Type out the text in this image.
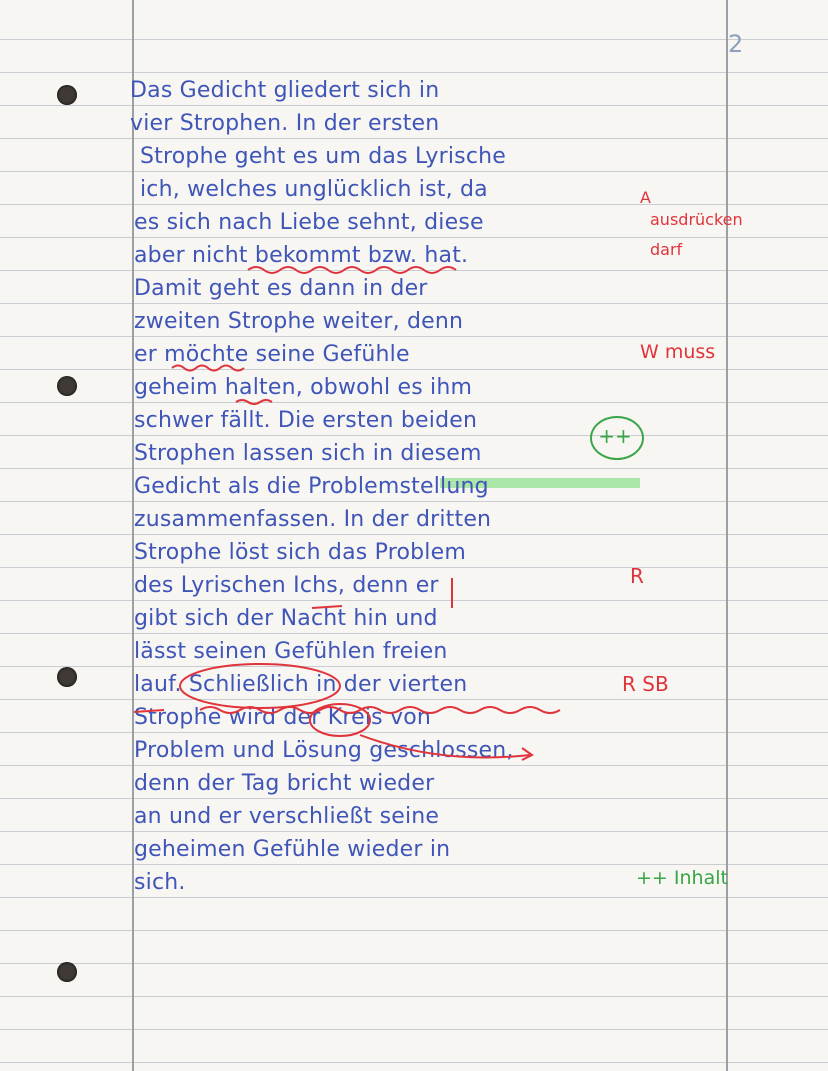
2

Das Gedicht gliedert sich in

vier Strophen. In der ersten

Strophe geht es um das Lyrische

ich, welches unglücklich ist, da

es sich nach Liebe sehnt, diese

aber nicht bekommt bzw. hat.

Damit geht es dann in der

zweiten Strophe weiter, denn

er möchte seine Gefühle

geheim halten, obwohl es ihm

schwer fällt. Die ersten beiden

Strophen lassen sich in diesem

Gedicht als die Problemstellung

zusammenfassen. In der dritten

Strophe löst sich das Problem

des Lyrischen Ichs, denn er

gibt sich der Nacht hin und

lässt seinen Gefühlen freien

lauf. Schließlich in der vierten

Strophe wird der Kreis von

Problem und Lösung geschlossen,

denn der Tag bricht wieder

an und er verschließt seine

geheimen Gefühle wieder in

sich.

A

ausdrücken

darf

W muss

R

R SB

++ Inhalt

++
